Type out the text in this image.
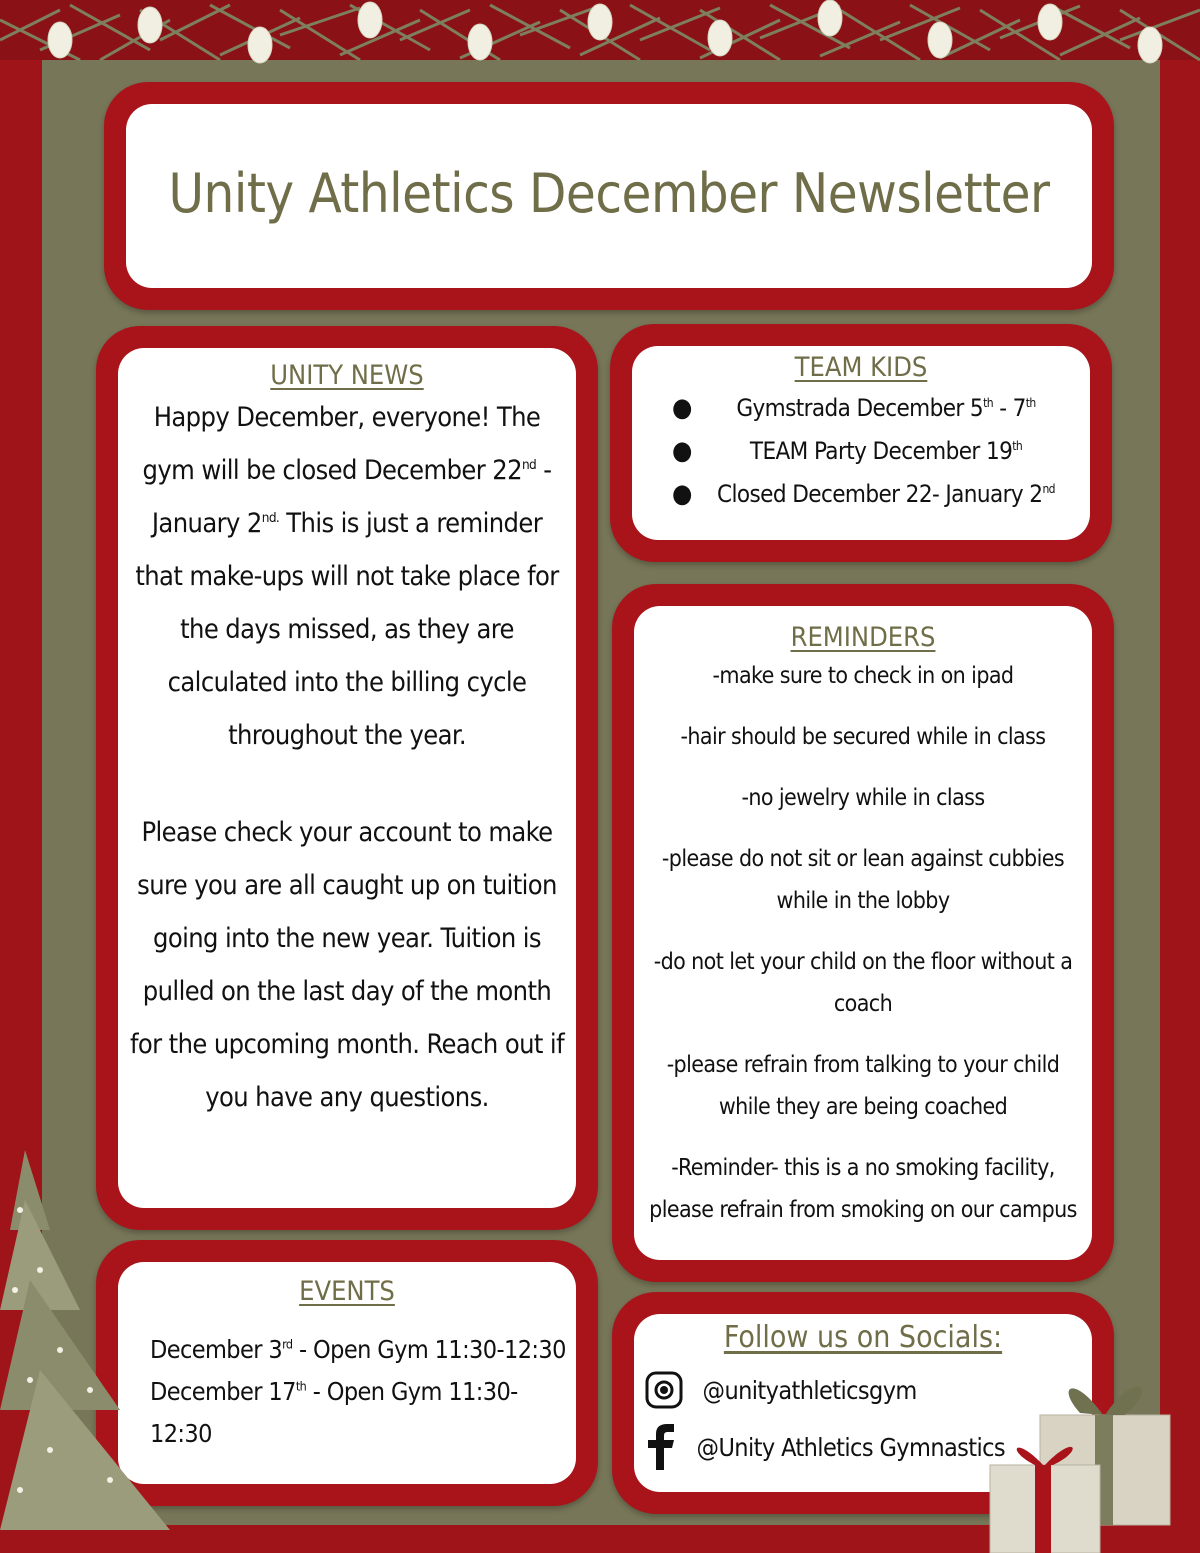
Unity Athletics December Newsletter
UNITY NEWS
Happy December, everyone! The gym will be closed December 22nd - January $2^{nd.}$ This is just a reminder that make-ups will not take place for the days missed, as they are calculated into the billing cycle throughout the year.
Please check your account to make sure you are all caught up on tuition going into the new year. Tuition is pulled on the last day of the month for the upcoming month. Reach out if you have any questions.
EVENTS
December 3rd - Open Gym 11:30-12:30
December 17th - Open Gym 11:30-12:30
TEAM KIDS
●	Gymstrada December 5th - 7th
●	TEAM Party December 19th
●	Closed December 22- January 2nd
REMINDERS
-make sure to check in on ipad
-hair should be secured while in class
-no jewelry while in class
-please do not sit or lean against cubbies while in the lobby
-do not let your child on the floor without a coach
-please refrain from talking to your child while they are being coached
-Reminder- this is a no smoking facility, please refrain from smoking on our campus
Follow us on Socials:
@unityathleticsgym
@Unity Athletics Gymnastics
